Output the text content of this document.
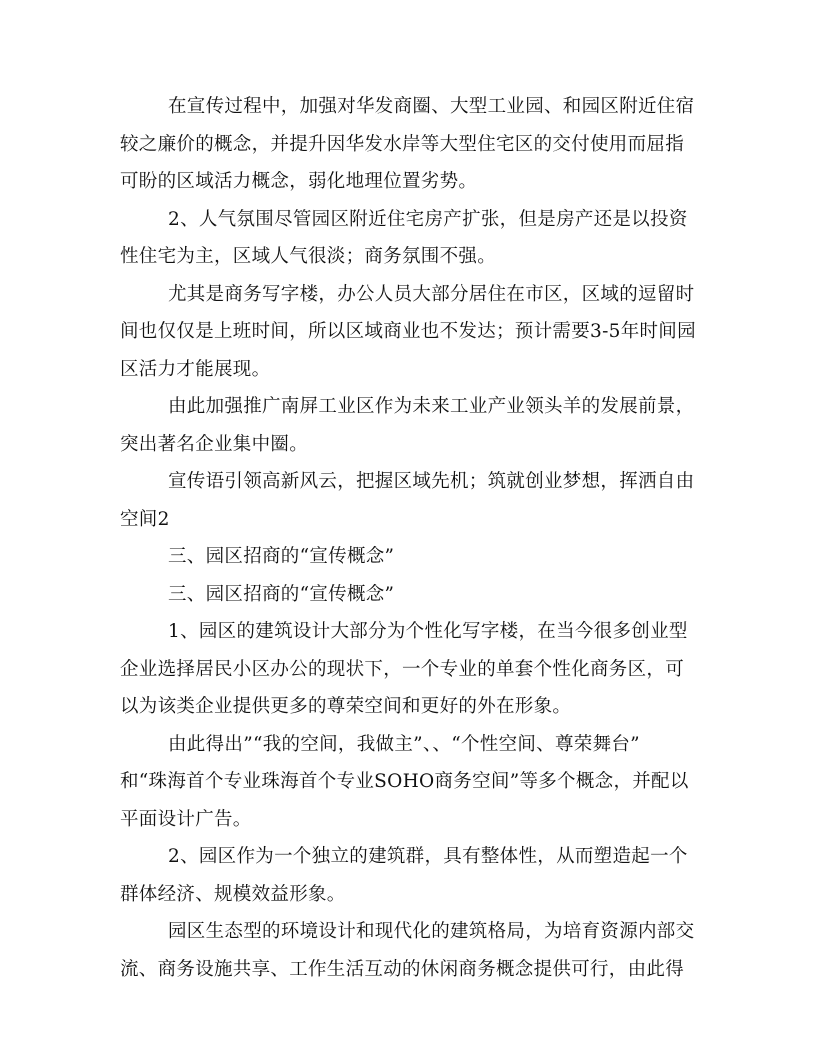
在宣传过程中，加强对华发商圈、大型工业园、和园区附近住宿

较之廉价的概念，并提升因华发水岸等大型住宅区的交付使用而屈指

可盼的区域活力概念，弱化地理位置劣势。

2、人气氛围尽管园区附近住宅房产扩张，但是房产还是以投资

性住宅为主，区域人气很淡；商务氛围不强。

尤其是商务写字楼，办公人员大部分居住在市区，区域的逗留时

间也仅仅是上班时间，所以区域商业也不发达；预计需要3-5年时间园

区活力才能展现。

由此加强推广南屏工业区作为未来工业产业领头羊的发展前景，

突出著名企业集中圈。

宣传语引领高新风云，把握区域先机；筑就创业梦想，挥洒自由

空间2

三、园区招商的“宣传概念”

三、园区招商的“宣传概念”

1、园区的建筑设计大部分为个性化写字楼，在当今很多创业型

企业选择居民小区办公的现状下，一个专业的单套个性化商务区，可

以为该类企业提供更多的尊荣空间和更好的外在形象。

由此得出”“我的空间，我做主”、、“个性空间、尊荣舞台”

和“珠海首个专业珠海首个专业SOHO商务空间”等多个概念，并配以

平面设计广告。

2、园区作为一个独立的建筑群，具有整体性，从而塑造起一个

群体经济、规模效益形象。

园区生态型的环境设计和现代化的建筑格局，为培育资源内部交

流、商务设施共享、工作生活互动的休闲商务概念提供可行，由此得
